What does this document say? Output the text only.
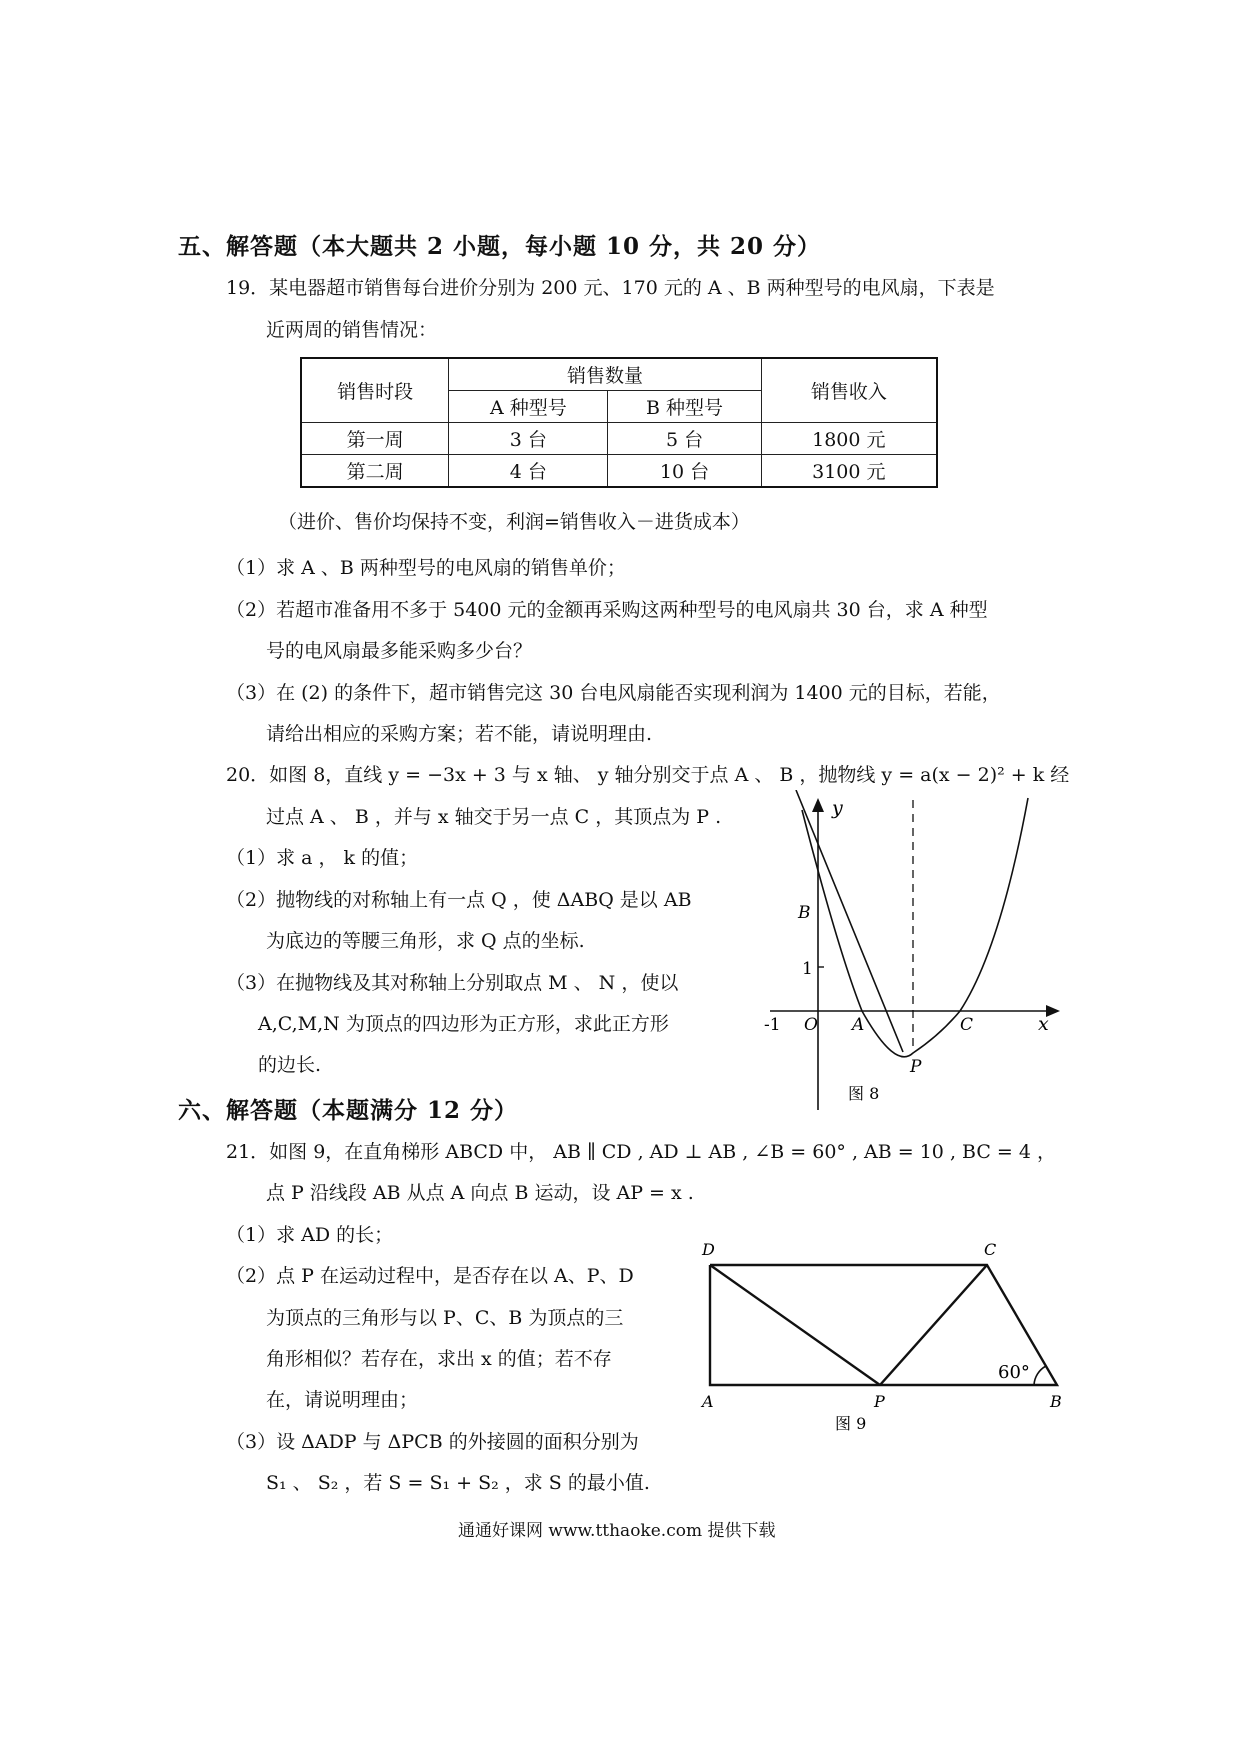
五、解答题（本大题共 2 小题，每小题 10 分，共 20 分）
19．某电器超市销售每台进价分别为 200 元、170 元的 A 、B 两种型号的电风扇，下表是
近两周的销售情况：
销售时段	销售数量		销售收入
	A 种型号	B 种型号	
第一周	3 台	5 台	1800 元
第二周	4 台	10 台	3100 元
（进价、售价均保持不变，利润=销售收入－进货成本）
（1）求 A 、B 两种型号的电风扇的销售单价；
（2）若超市准备用不多于 5400 元的金额再采购这两种型号的电风扇共 30 台，求 A 种型
号的电风扇最多能采购多少台？
（3）在 (2) 的条件下，超市销售完这 30 台电风扇能否实现利润为 1400 元的目标，若能，
请给出相应的采购方案；若不能，请说明理由.
20．如图 8，直线 y = −3x + 3 与 x 轴、 y 轴分别交于点 A 、 B ，抛物线 y = a(x − 2)² + k 经
过点 A 、 B ，并与 x 轴交于另一点 C ，其顶点为 P .
（1）求 a ， k 的值；
（2）抛物线的对称轴上有一点 Q ，使 ΔABQ 是以 AB
为底边的等腰三角形，求 Q 点的坐标.
（3）在抛物线及其对称轴上分别取点 M 、 N ，使以
A,C,M,N 为顶点的四边形为正方形，求此正方形
的边长.
y
x
B
1
-1 O A	C
P
图 8
六、解答题（本题满分 12 分）
21．如图 9，在直角梯形 ABCD 中， AB ∥ CD , AD ⊥ AB , ∠B = 60° , AB = 10 , BC = 4 ，
点 P 沿线段 AB 从点 A 向点 B 运动，设 AP = x .
（1）求 AD 的长；
（2）点 P 在运动过程中，是否存在以 A、P、D
为顶点的三角形与以 P、C、B 为顶点的三
角形相似？若存在，求出 x 的值；若不存
在，请说明理由；
（3）设 ΔADP 与 ΔPCB 的外接圆的面积分别为
S₁ 、 S₂ ，若 S = S₁ + S₂ ，求 S 的最小值.
D	C
A	P	B
60°
图 9
通通好课网 www.tthaoke.com 提供下载
